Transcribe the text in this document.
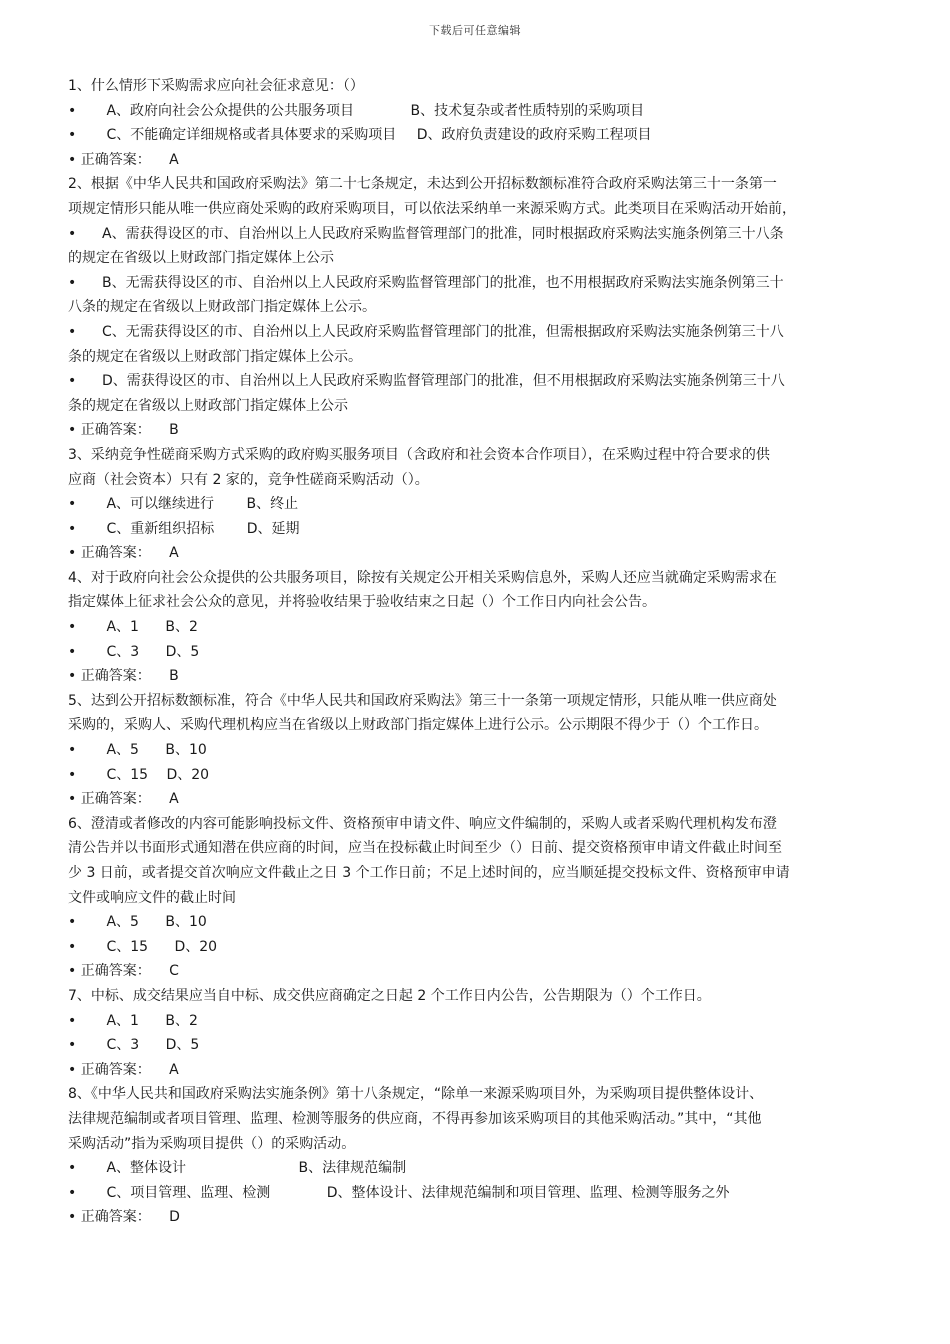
下载后可任意编辑
1、什么情形下采购需求应向社会征求意见：（）
• A、政府向社会公众提供的公共服务项目	B、技术复杂或者性质特别的采购项目
• C、不能确定详细规格或者具体要求的采购项目 D、政府负责建设的政府采购工程项目
• 正确答案： A
2、根据《中华人民共和国政府采购法》第二十七条规定，未达到公开招标数额标准符合政府采购法第三十一条第一
项规定情形只能从唯一供应商处采购的政府采购项目，可以依法采纳单一来源采购方式。此类项目在采购活动开始前，
• A、需获得设区的市、自治州以上人民政府采购监督管理部门的批准，同时根据政府采购法实施条例第三十八条
的规定在省级以上财政部门指定媒体上公示
• B、无需获得设区的市、自治州以上人民政府采购监督管理部门的批准，也不用根据政府采购法实施条例第三十
八条的规定在省级以上财政部门指定媒体上公示。
• C、无需获得设区的市、自治州以上人民政府采购监督管理部门的批准，但需根据政府采购法实施条例第三十八
条的规定在省级以上财政部门指定媒体上公示。
• D、需获得设区的市、自治州以上人民政府采购监督管理部门的批准，但不用根据政府采购法实施条例第三十八
条的规定在省级以上财政部门指定媒体上公示
• 正确答案： B
3、采纳竞争性磋商采购方式采购的政府购买服务项目（含政府和社会资本合作项目），在采购过程中符合要求的供
应商（社会资本）只有 2 家的，竞争性磋商采购活动（）。
• A、可以继续进行 B、终止
• C、重新组织招标 D、延期
• 正确答案： A
4、对于政府向社会公众提供的公共服务项目，除按有关规定公开相关采购信息外，采购人还应当就确定采购需求在
指定媒体上征求社会公众的意见，并将验收结果于验收结束之日起（）个工作日内向社会公告。
• A、1 B、2
• C、3 D、5
• 正确答案： B
5、达到公开招标数额标准，符合《中华人民共和国政府采购法》第三十一条第一项规定情形，只能从唯一供应商处
采购的，采购人、采购代理机构应当在省级以上财政部门指定媒体上进行公示。公示期限不得少于（）个工作日。
• A、5 B、10
• C、15 D、20
• 正确答案： A
6、澄清或者修改的内容可能影响投标文件、资格预审申请文件、响应文件编制的，采购人或者采购代理机构发布澄
清公告并以书面形式通知潜在供应商的时间，应当在投标截止时间至少（）日前、提交资格预审申请文件截止时间至
少 3 日前，或者提交首次响应文件截止之日 3 个工作日前；不足上述时间的，应当顺延提交投标文件、资格预审申请
文件或响应文件的截止时间
• A、5 B、10
• C、15 D、20
• 正确答案： C
7、中标、成交结果应当自中标、成交供应商确定之日起 2 个工作日内公告，公告期限为（）个工作日。
• A、1 B、2
• C、3 D、5
• 正确答案： A
8、《中华人民共和国政府采购法实施条例》第十八条规定，“除单一来源采购项目外，为采购项目提供整体设计、
法律规范编制或者项目管理、监理、检测等服务的供应商，不得再参加该采购项目的其他采购活动。”其中，“其他
采购活动”指为采购项目提供（）的采购活动。
• A、整体设计	B、法律规范编制
• C、项目管理、监理、检测	D、整体设计、法律规范编制和项目管理、监理、检测等服务之外
• 正确答案： D
